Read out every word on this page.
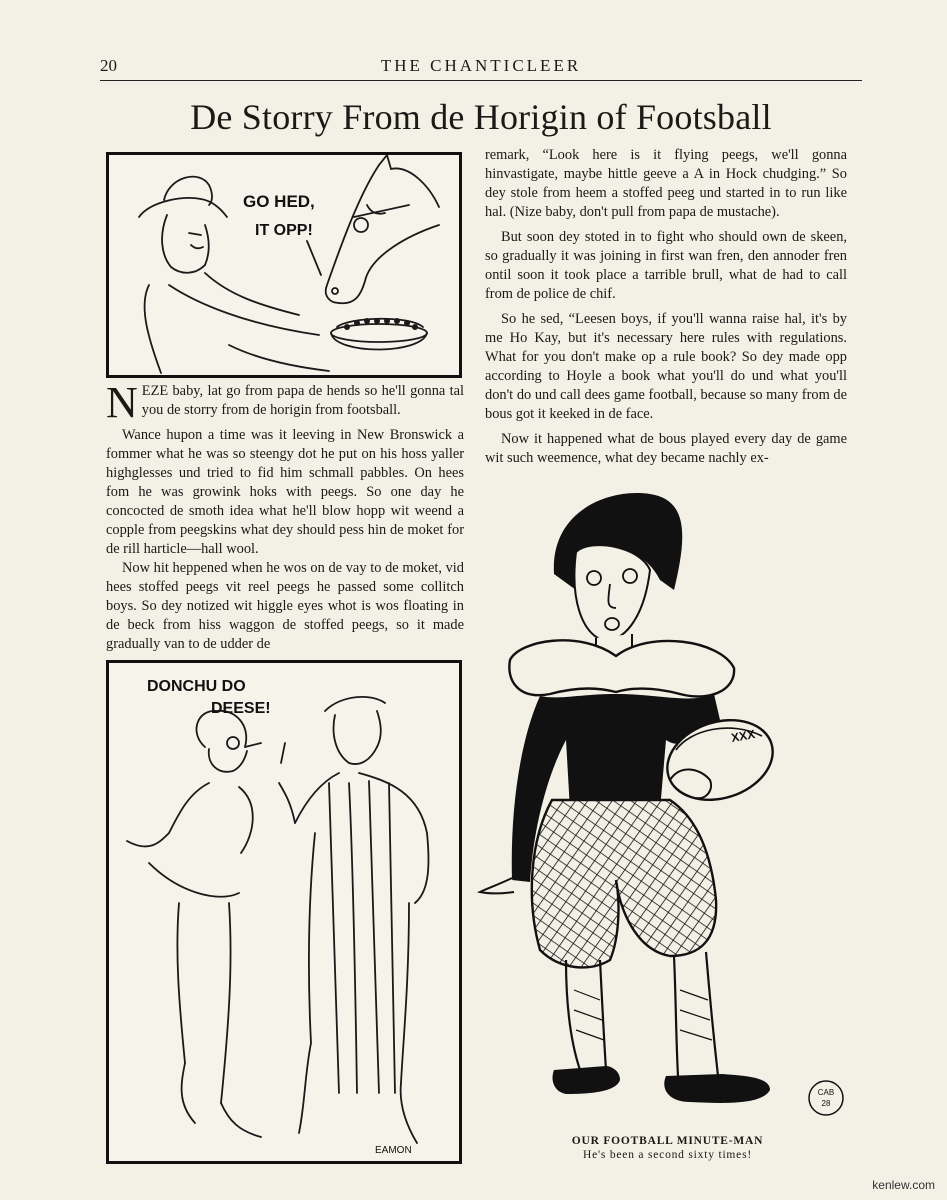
20	THE CHANTICLEER
De Storry From de Horigin of Footsball
GO HED,
IT OPP!

NEZE baby, lat go from papa de hends so he'll gonna tal you de storry from de horigin from footsball.

Wance hupon a time was it leeving in New Bronswick a fommer what he was so steengy dot he put on his hoss yaller highglesses und tried to fid him schmall pabbles. On hees fom he was growink hoks with peegs. So one day he concocted de smoth idea what he'll blow hopp wit weend a copple from peegskins what dey should pess hin de moket for de rill harticle—hall wool.

Now hit heppened when he wos on de vay to de moket, vid hees stoffed peegs vit reel peegs he passed some collitch boys. So dey notized wit higgle eyes whot is wos floating in de beck from hiss waggon de stoffed peegs, so it made gradually van to de udder de

DONCHU DO
DEESE!
EAMON

remark, “Look here is it flying peegs, we'll gonna hinvastigate, maybe hittle geeve a A in Hock chudging.” So dey stole from heem a stoffed peeg und started in to run like hal. (Nize baby, don't pull from papa de mustache).

But soon dey stoted in to fight who should own de skeen, so gradually it was joining in first wan fren, den annoder fren ontil soon it took place a tarrible brull, what de had to call from de police de chif.

So he sed, “Leesen boys, if you'll wanna raise hal, it's by me Ho Kay, but it's necessary here rules with regulations. What for you don't make op a rule book? So dey made opp according to Hoyle a book what you'll do und what you'll don't do und call dees game football, because so many from de bous got it keeked in de face.

Now it happened what de bous played every day de game wit such weemence, what dey became nachly ex-

XXX
CAB
28
OUR FOOTBALL MINUTE-MAN
He's been a second sixty times!
kenlew.com
